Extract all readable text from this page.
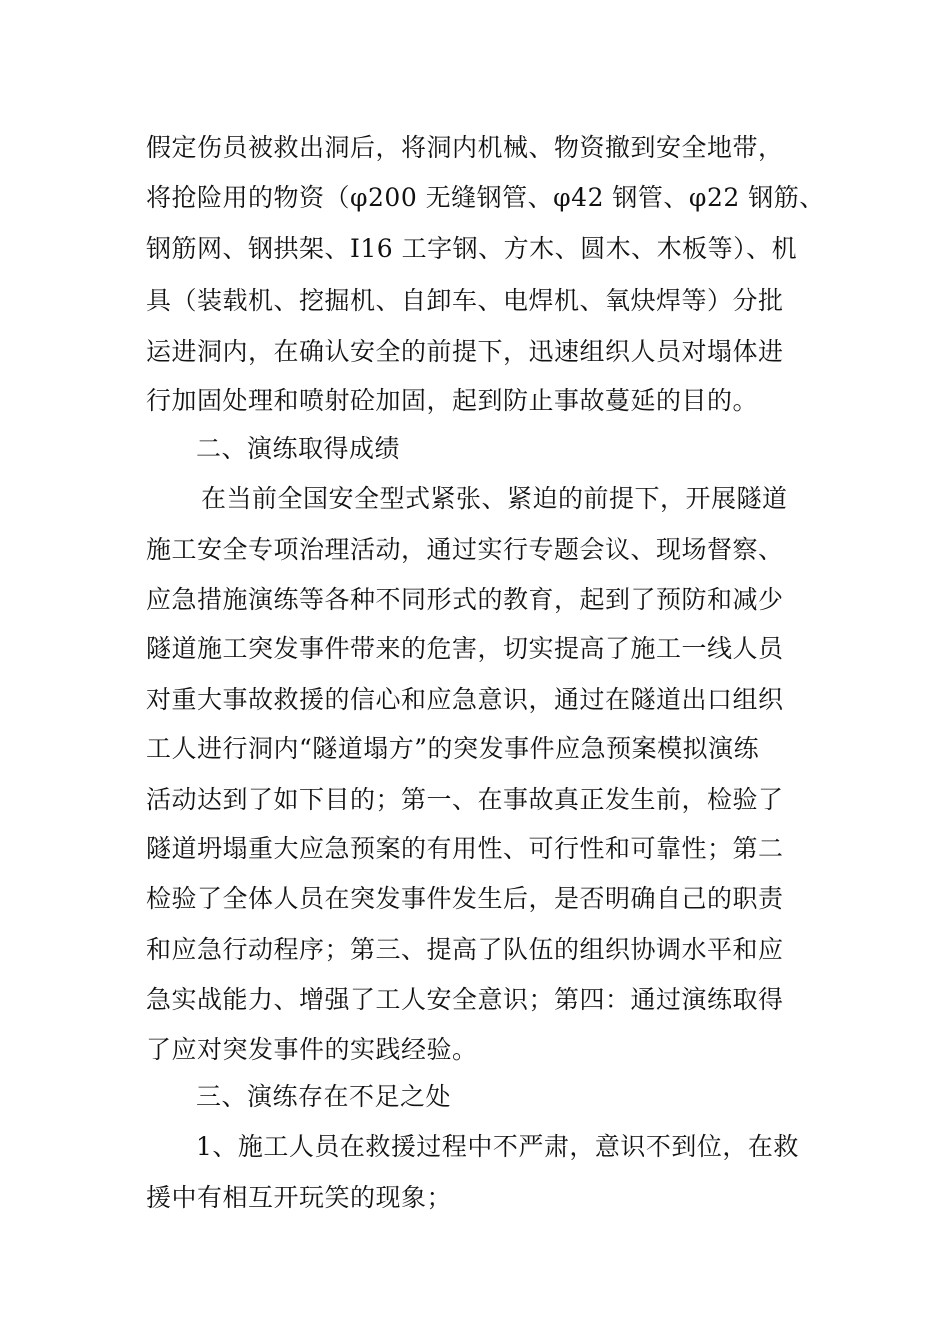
假定伤员被救出洞后，将洞内机械、物资撤到安全地带，
将抢险用的物资（φ200 无缝钢管、φ42 钢管、φ22 钢筋、
钢筋网、钢拱架、I16 工字钢、方木、圆木、木板等）、机
具（装载机、挖掘机、自卸车、电焊机、氧炔焊等）分批
运进洞内，在确认安全的前提下，迅速组织人员对塌体进
行加固处理和喷射砼加固，起到防止事故蔓延的目的。
二、演练取得成绩
在当前全国安全型式紧张、紧迫的前提下，开展隧道
施工安全专项治理活动，通过实行专题会议、现场督察、
应急措施演练等各种不同形式的教育，起到了预防和减少
隧道施工突发事件带来的危害，切实提高了施工一线人员
对重大事故救援的信心和应急意识，通过在隧道出口组织
工人进行洞内“隧道塌方”的突发事件应急预案模拟演练
活动达到了如下目的；第一、在事故真正发生前，检验了
隧道坍塌重大应急预案的有用性、可行性和可靠性；第二
检验了全体人员在突发事件发生后，是否明确自己的职责
和应急行动程序；第三、提高了队伍的组织协调水平和应
急实战能力、增强了工人安全意识；第四：通过演练取得
了应对突发事件的实践经验。
三、演练存在不足之处
1、施工人员在救援过程中不严肃，意识不到位，在救
援中有相互开玩笑的现象；
